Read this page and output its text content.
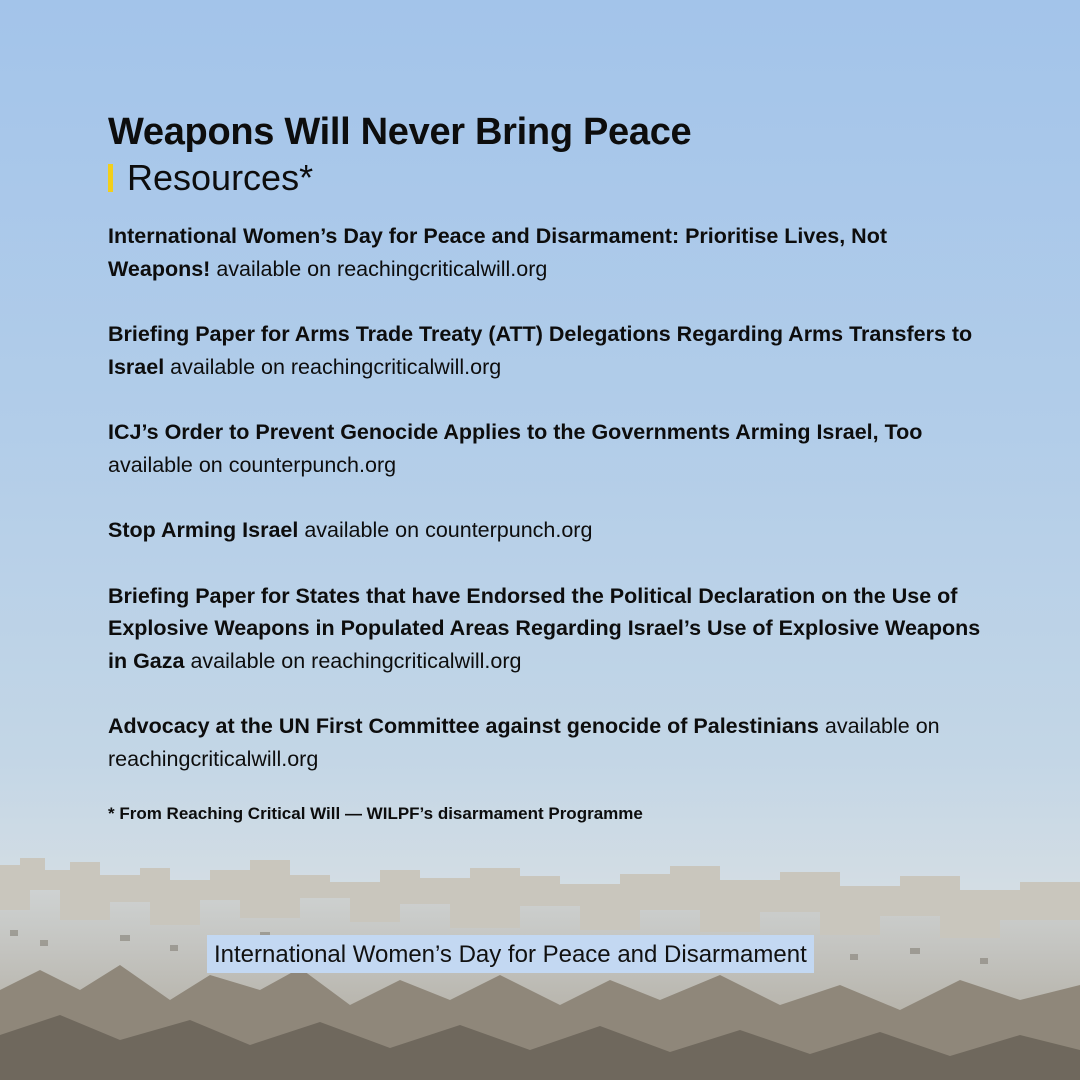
Weapons Will Never Bring Peace
Resources*

International Women’s Day for Peace and Disarmament: Prioritise Lives, Not Weapons! available on reachingcriticalwill.org

Briefing Paper for Arms Trade Treaty (ATT) Delegations Regarding Arms Transfers to Israel available on reachingcriticalwill.org

ICJ’s Order to Prevent Genocide Applies to the Governments Arming Israel, Too available on counterpunch.org

Stop Arming Israel available on counterpunch.org

Briefing Paper for States that have Endorsed the Political Declaration on the Use of Explosive Weapons in Populated Areas Regarding Israel’s Use of Explosive Weapons in Gaza available on reachingcriticalwill.org

Advocacy at the UN First Committee against genocide of Palestinians available on reachingcriticalwill.org

* From Reaching Critical Will — WILPF’s disarmament Programme
International Women’s Day for Peace and Disarmament
